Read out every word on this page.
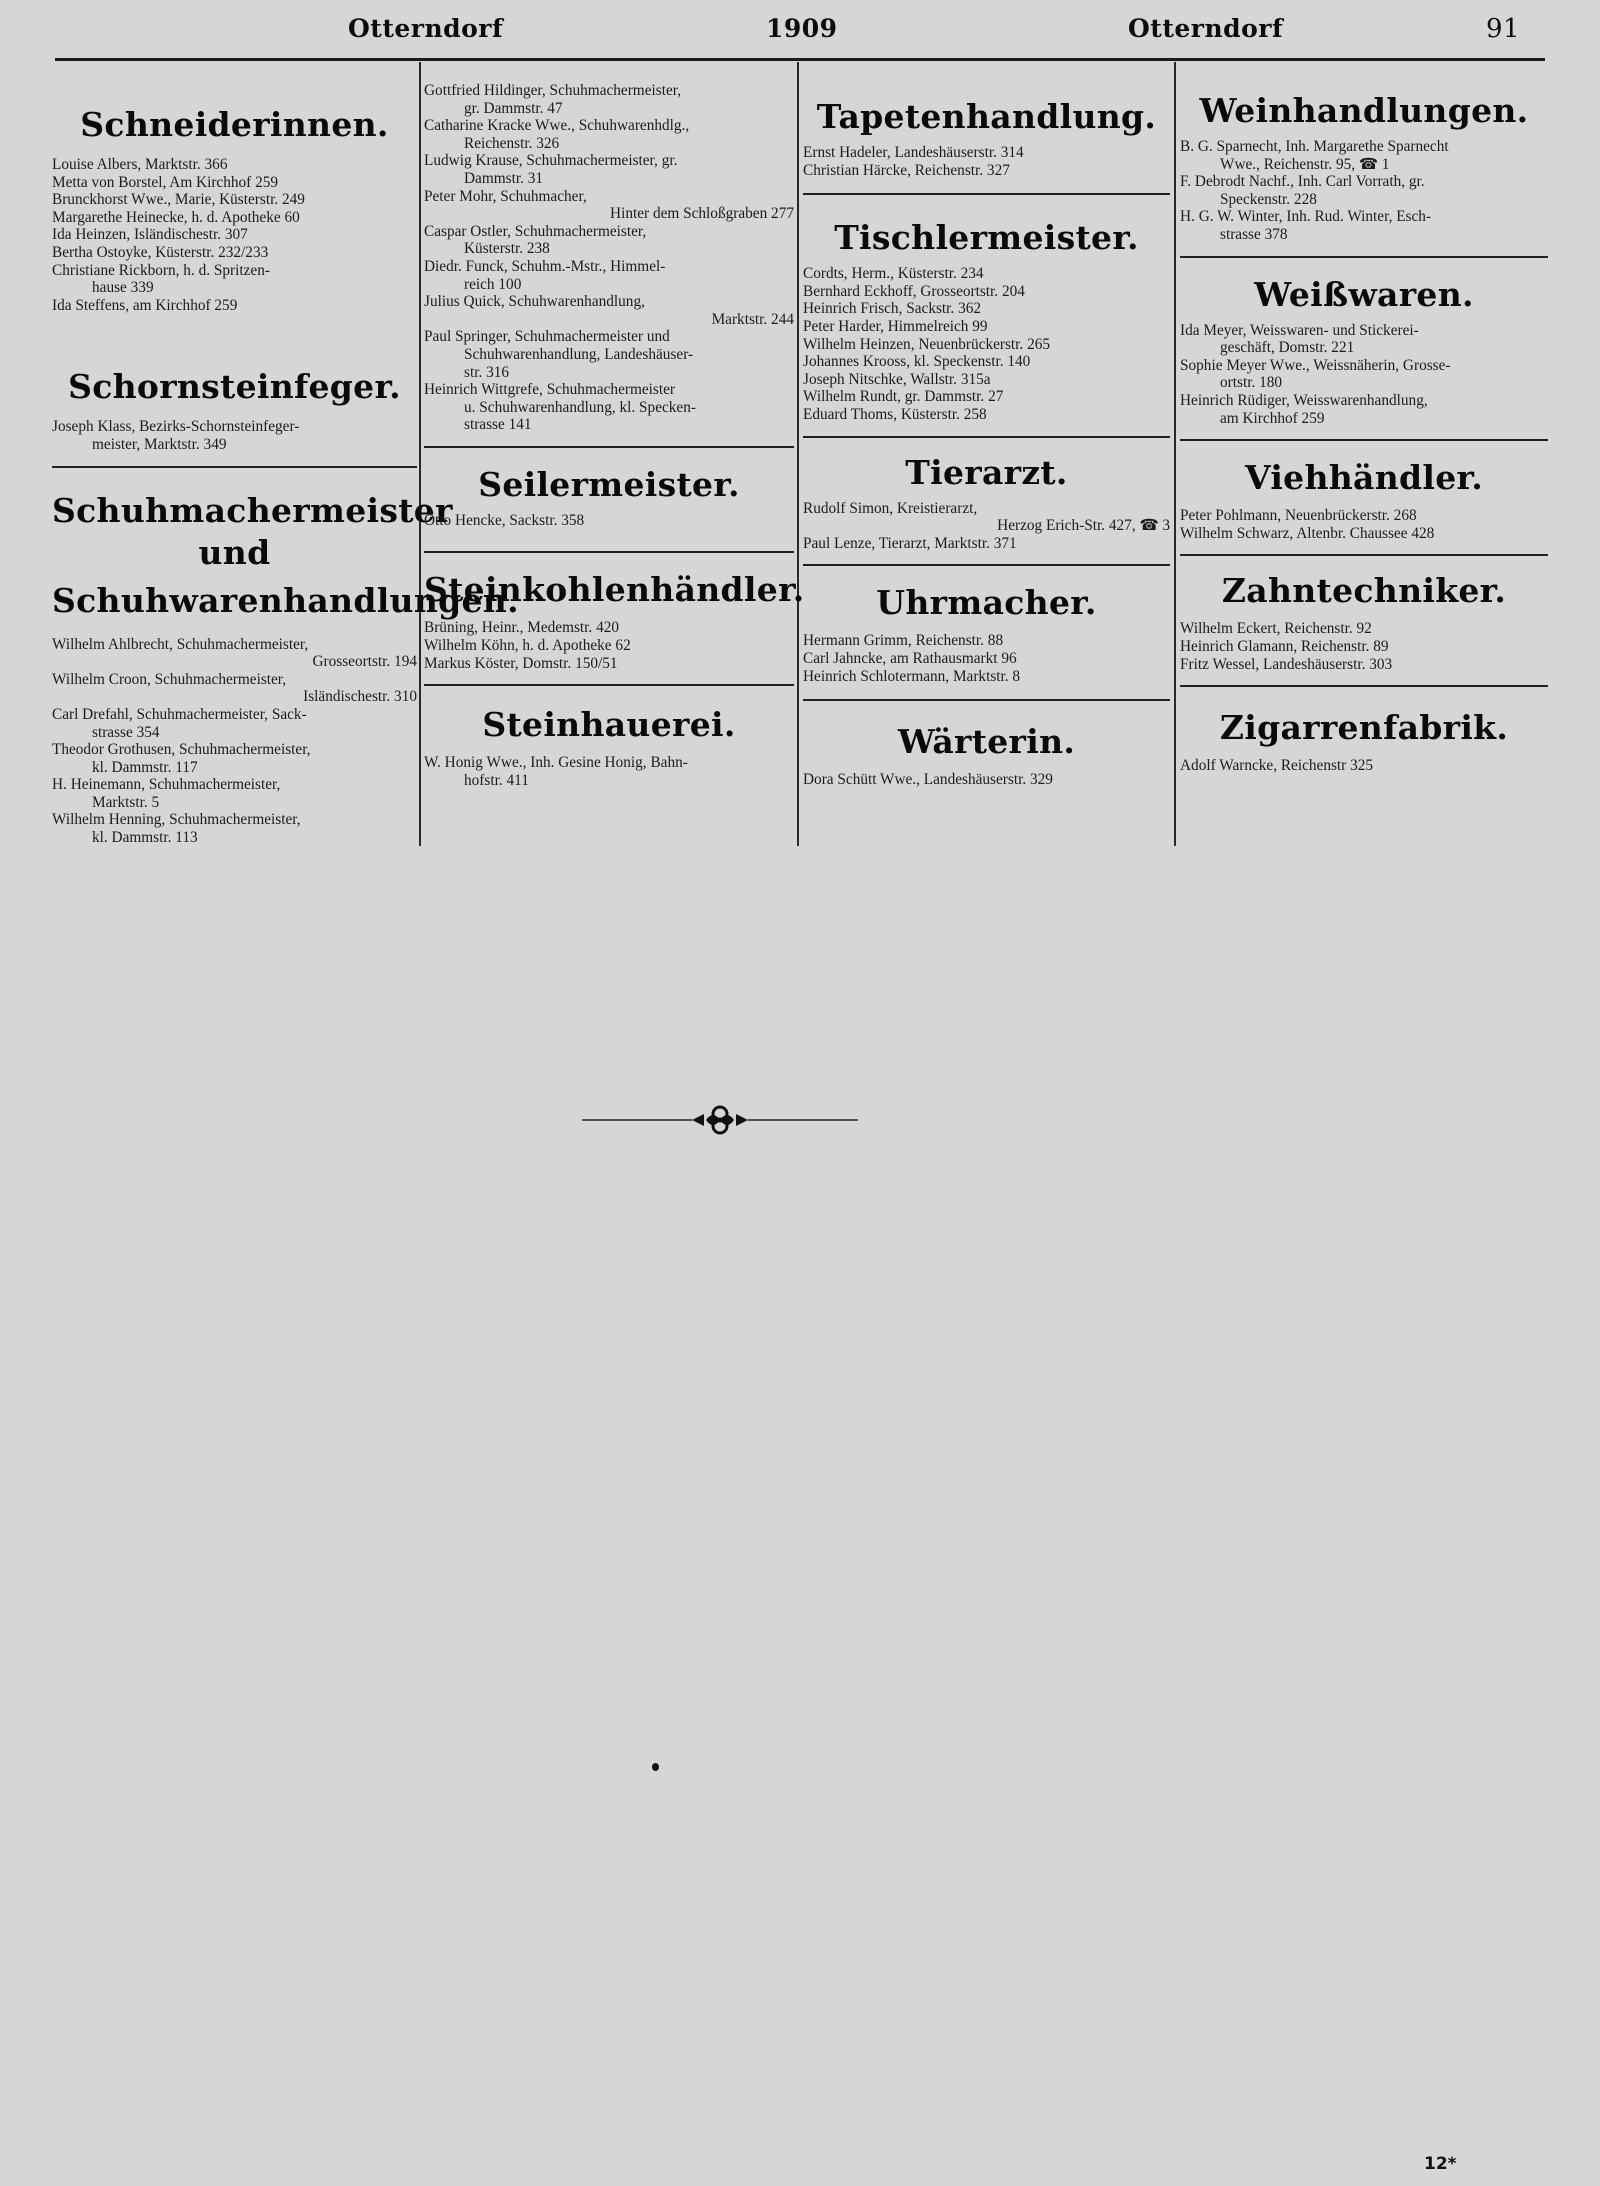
Otterndorf	1909	Otterndorf	91
Schneiderinnen.

Louise Albers, Marktstr. 366

Metta von Borstel, Am Kirchhof 259

Brunckhorst Wwe., Marie, Küsterstr. 249

Margarethe Heinecke, h. d. Apotheke 60

Ida Heinzen, Isländischestr. 307

Bertha Ostoyke, Küsterstr. 232/233

Christiane Rickborn, h. d. Spritzen-
hause 339

Ida Steffens, am Kirchhof 259

Schornsteinfeger.

Joseph Klass, Bezirks-Schornsteinfeger-
meister, Marktstr. 349

Schuhmachermeister und
Schuhwarenhandlungen.

Wilhelm Ahlbrecht, Schuhmachermeister,
Grosseortstr. 194

Wilhelm Croon, Schuhmachermeister,
Isländischestr. 310

Carl Drefahl, Schuhmachermeister, Sack-
strasse 354

Theodor Grothusen, Schuhmachermeister,
kl. Dammstr. 117

H. Heinemann, Schuhmachermeister,
Marktstr. 5

Wilhelm Henning, Schuhmachermeister,
kl. Dammstr. 113

Gottfried Hildinger, Schuhmachermeister,
gr. Dammstr. 47

Catharine Kracke Wwe., Schuhwarenhdlg.,
Reichenstr. 326

Ludwig Krause, Schuhmachermeister, gr.
Dammstr. 31

Peter Mohr, Schuhmacher,
Hinter dem Schloßgraben 277

Caspar Ostler, Schuhmachermeister,
Küsterstr. 238

Diedr. Funck, Schuhm.-Mstr., Himmel-
reich 100

Julius Quick, Schuhwarenhandlung,
Marktstr. 244

Paul Springer, Schuhmachermeister und
Schuhwarenhandlung, Landeshäuser-
str. 316

Heinrich Wittgrefe, Schuhmachermeister
u. Schuhwarenhandlung, kl. Specken-
strasse 141

Seilermeister.

Otto Hencke, Sackstr. 358

Steinkohlenhändler.

Brüning, Heinr., Medemstr. 420

Wilhelm Köhn, h. d. Apotheke 62

Markus Köster, Domstr. 150/51

Steinhauerei.

W. Honig Wwe., Inh. Gesine Honig, Bahn-
hofstr. 411

Tapetenhandlung.

Ernst Hadeler, Landeshäuserstr. 314

Christian Härcke, Reichenstr. 327

Tischlermeister.

Cordts, Herm., Küsterstr. 234

Bernhard Eckhoff, Grosseortstr. 204

Heinrich Frisch, Sackstr. 362

Peter Harder, Himmelreich 99

Wilhelm Heinzen, Neuenbrückerstr. 265

Johannes Krooss, kl. Speckenstr. 140

Joseph Nitschke, Wallstr. 315a

Wilhelm Rundt, gr. Dammstr. 27

Eduard Thoms, Küsterstr. 258

Tierarzt.

Rudolf Simon, Kreistierarzt,
Herzog Erich-Str. 427, ☎ 3

Paul Lenze, Tierarzt, Marktstr. 371

Uhrmacher.

Hermann Grimm, Reichenstr. 88

Carl Jahncke, am Rathausmarkt 96

Heinrich Schlotermann, Marktstr. 8

Wärterin.

Dora Schütt Wwe., Landeshäuserstr. 329

Weinhandlungen.

B. G. Sparnecht, Inh. Margarethe Sparnecht
Wwe., Reichenstr. 95, ☎ 1

F. Debrodt Nachf., Inh. Carl Vorrath, gr.
Speckenstr. 228

H. G. W. Winter, Inh. Rud. Winter, Esch-
strasse 378

Weißwaren.

Ida Meyer, Weisswaren- und Stickerei-
geschäft, Domstr. 221

Sophie Meyer Wwe., Weissnäherin, Grosse-
ortstr. 180

Heinrich Rüdiger, Weisswarenhandlung,
am Kirchhof 259

Viehhändler.

Peter Pohlmann, Neuenbrückerstr. 268

Wilhelm Schwarz, Altenbr. Chaussee 428

Zahntechniker.

Wilhelm Eckert, Reichenstr. 92

Heinrich Glamann, Reichenstr. 89

Fritz Wessel, Landeshäuserstr. 303

Zigarrenfabrik.

Adolf Warncke, Reichenstr 325

12*
